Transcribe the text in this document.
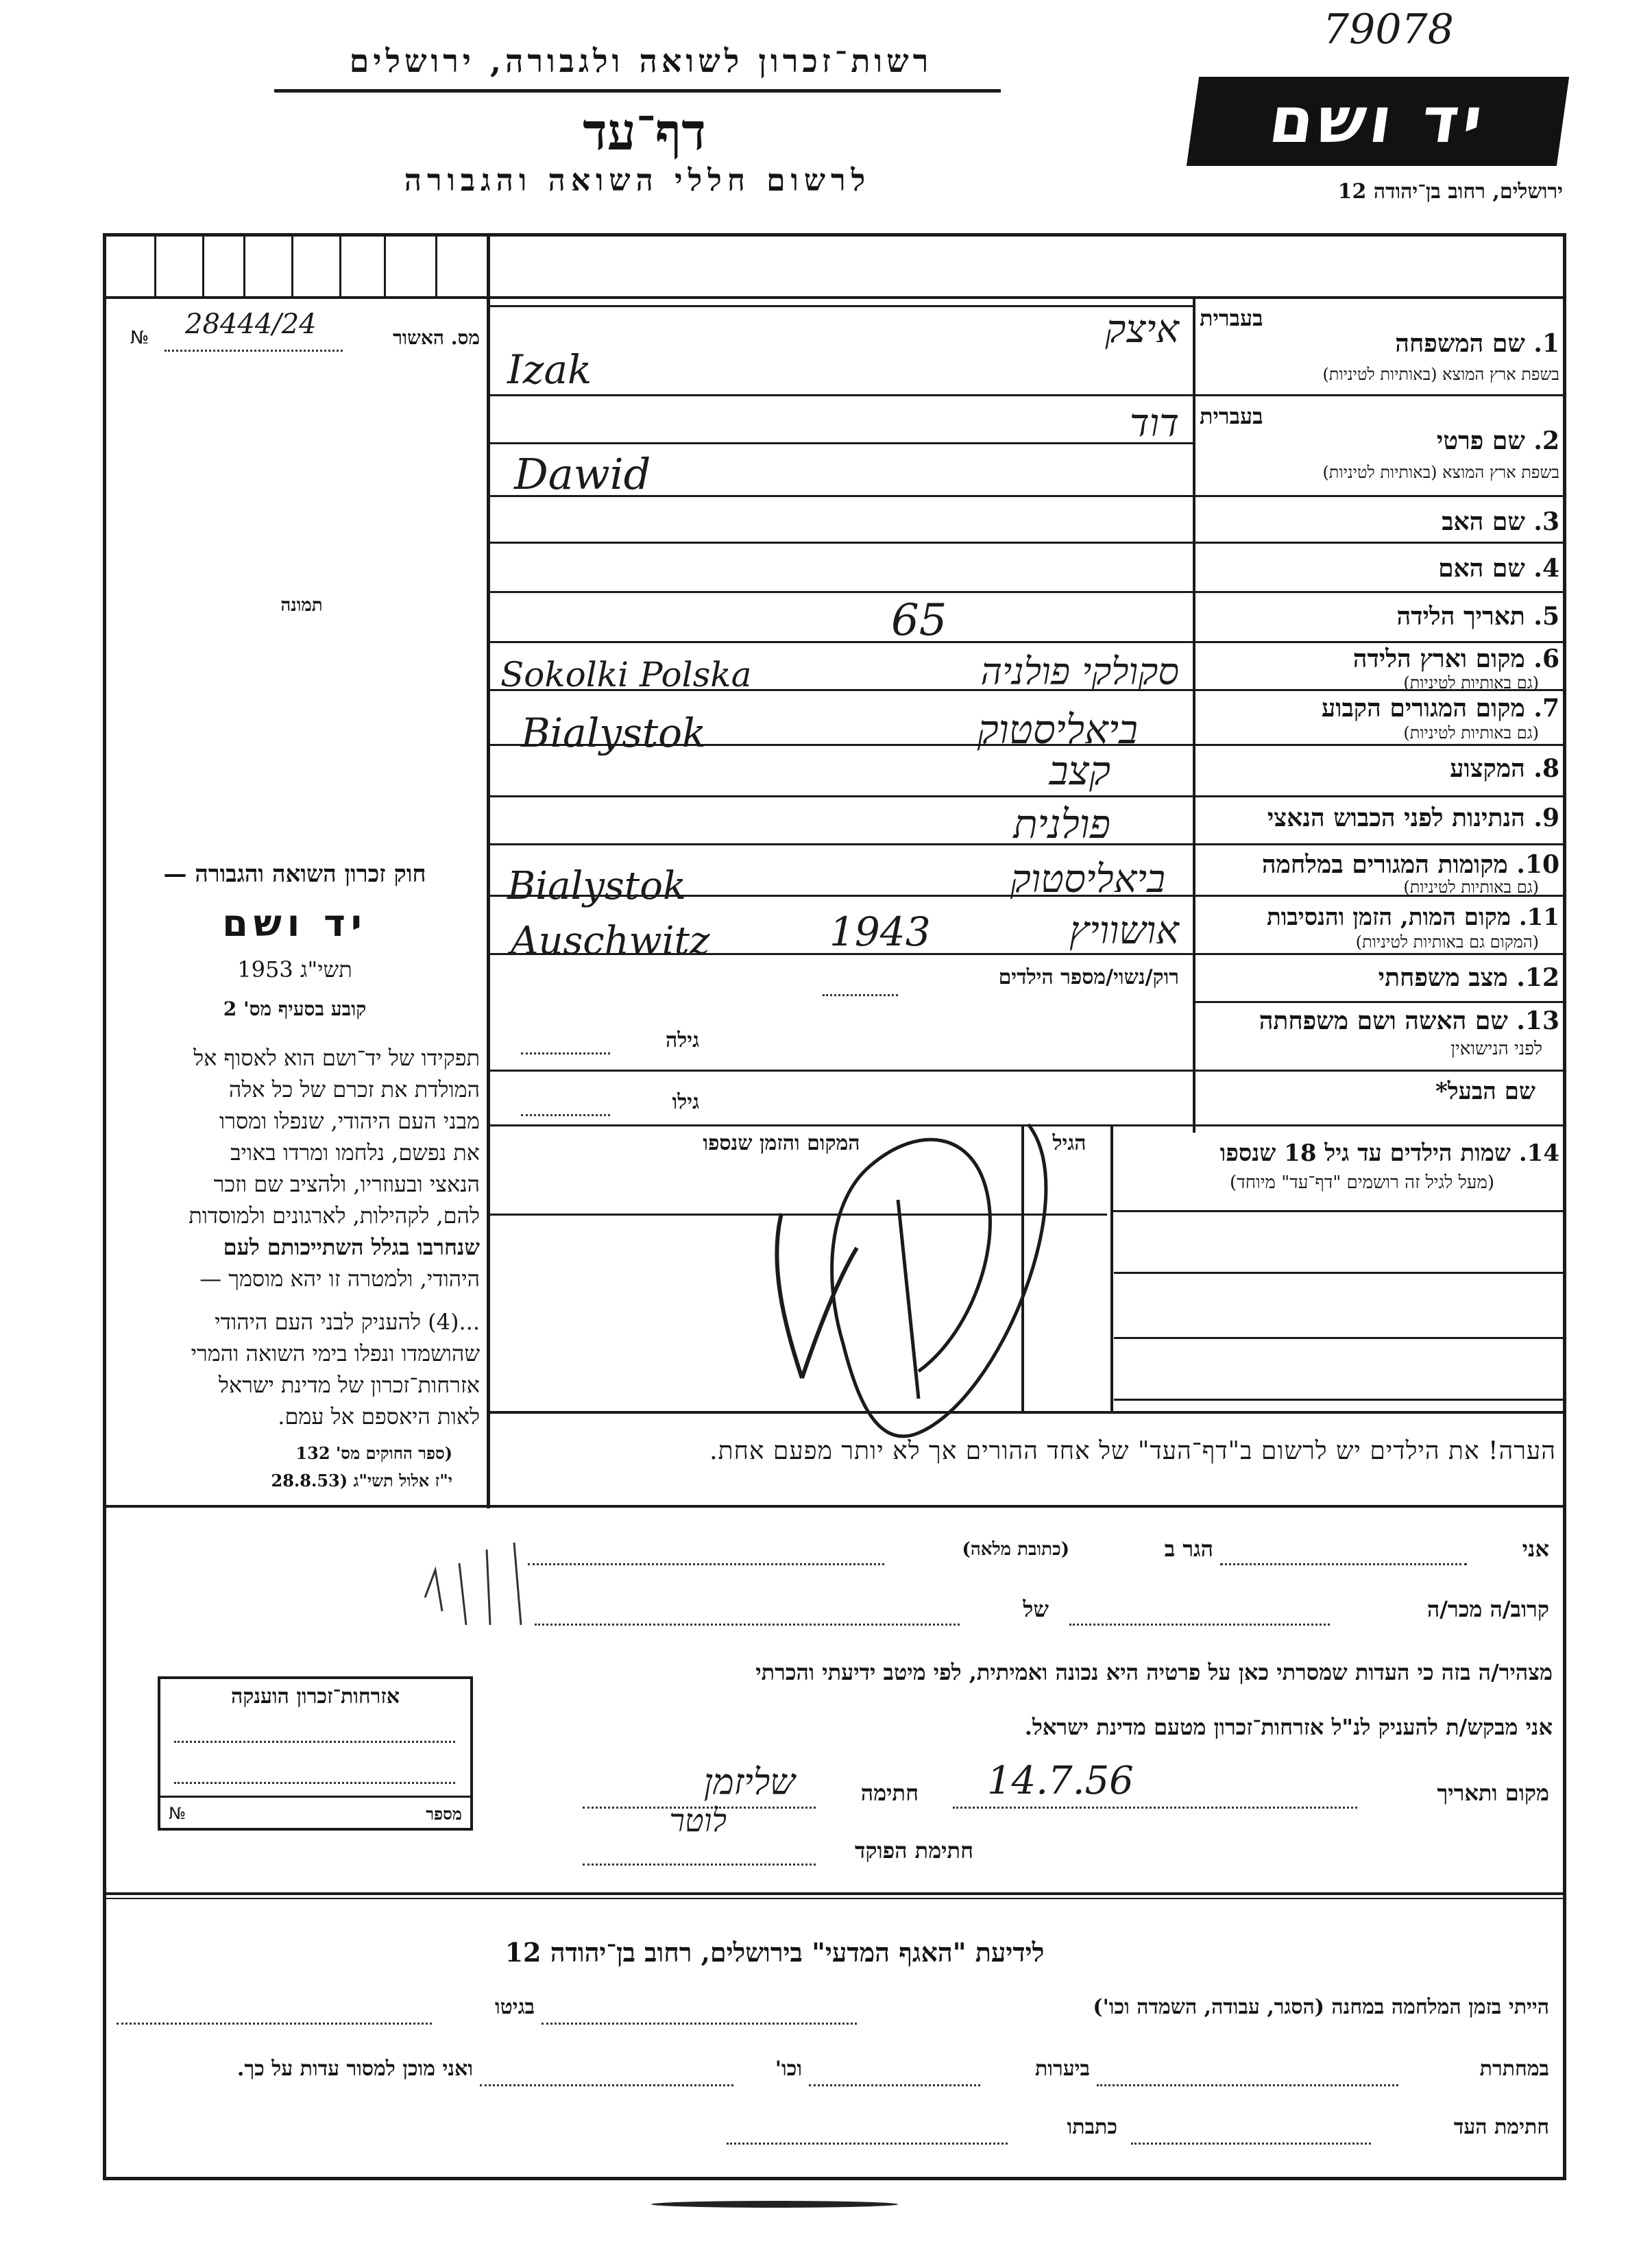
79078
רשות־זכרון לשואה ולגבורה, ירושלים
דף־עד
לרשום חללי השואה והגבורה
יד ושם
ירושלים, רחוב בן־יהודה 12
№ 28444/24	מס. האשור
תמונה
חוק זכרון השואה והגבורה —
יד ושם
תשי"ג 1953
קובע בסעיף מס' 2
תפקידו של יד־ושם הוא לאסוף אל
המולדת את זכרם של כל אלה
מבני העם היהודי, שנפלו ומסרו
את נפשם, נלחמו ומרדו באויב
הנאצי ובעוזריו, ולהציב שם וזכר
להם, לקהילות, לארגונים ולמוסדות
שנחרבו בגלל השתייכותם לעם
היהודי, ולמטרה זו יהא מוסמך —
...(4) להעניק לבני העם היהודי
שהושמדו ונפלו בימי השואה והמרי
אזרחות־זכרון של מדינת ישראל
לאות היאספם אל עמם.
(ספר החוקים מס' 132
י"ז אלול תשי"ג (28.8.53
בעברית
1. שם המשפחה
בשפת ארץ המוצא (באותיות לטיניות)
איצק
Izak
בעברית
2. שם פרטי
בשפת ארץ המוצא (באותיות לטיניות)
דוד
Dawid
3. שם האב
4. שם האם
5. תאריך הלידה
65
6. מקום וארץ הלידה
(גם באותיות לטיניות)
סקולקי פולניה
Sokolki Polska
7. מקום המגורים הקבוע
(גם באותיות לטיניות)
ביאליסטוק
Bialystok
8. המקצוע
קצב
9. הנתינות לפני הכבוש הנאצי
פולנית
10. מקומות המגורים במלחמה
(גם באותיות לטיניות)
ביאליסטוק
Bialystok
11. מקום המות, הזמן והנסיבות
(המקום גם באותיות לטיניות)
אושוויץ
1943
Auschwitz
12. מצב משפחתי
רוק/נשוי/מספר הילדים
13. שם האשה ושם משפחתה
לפני הנישואין
שם הבעל*
גילה
גילו
14. שמות הילדים עד גיל 18 שנספו
(מעל לגיל זה רושמים "דף־עד" מיוחד)
הגיל
המקום והזמן שנספו
הערה! את הילדים יש לרשום ב"דף־העד" של אחד ההורים אך לא יותר מפעם אחת.
אני
הגר ב
(כתובת מלאה)
קרוב/ה מכר/ה
של
מצהיר/ה בזה כי העדות שמסרתי כאן על פרטיה היא נכונה ואמיתית, לפי מיטב ידיעתי והכרתי
אני מבקש/ת להעניק לנ"ל אזרחות־זכרון מטעם מדינת ישראל.
מקום ותאריך
14.7.56
חתימה
שליזמן
חתימת הפוקד
לוטר
אזרחות־זכרון הוענקה
№	מספר
לידיעת "האגף המדעי" בירושלים, רחוב בן־יהודה 12
הייתי בזמן המלחמה במחנה (הסגר, עבודה, השמדה וכו')
בגיטו
במחתרת
ביערות
וכו'
ואני מוכן למסור עדות על כך.
חתימת העד
כתבתו
